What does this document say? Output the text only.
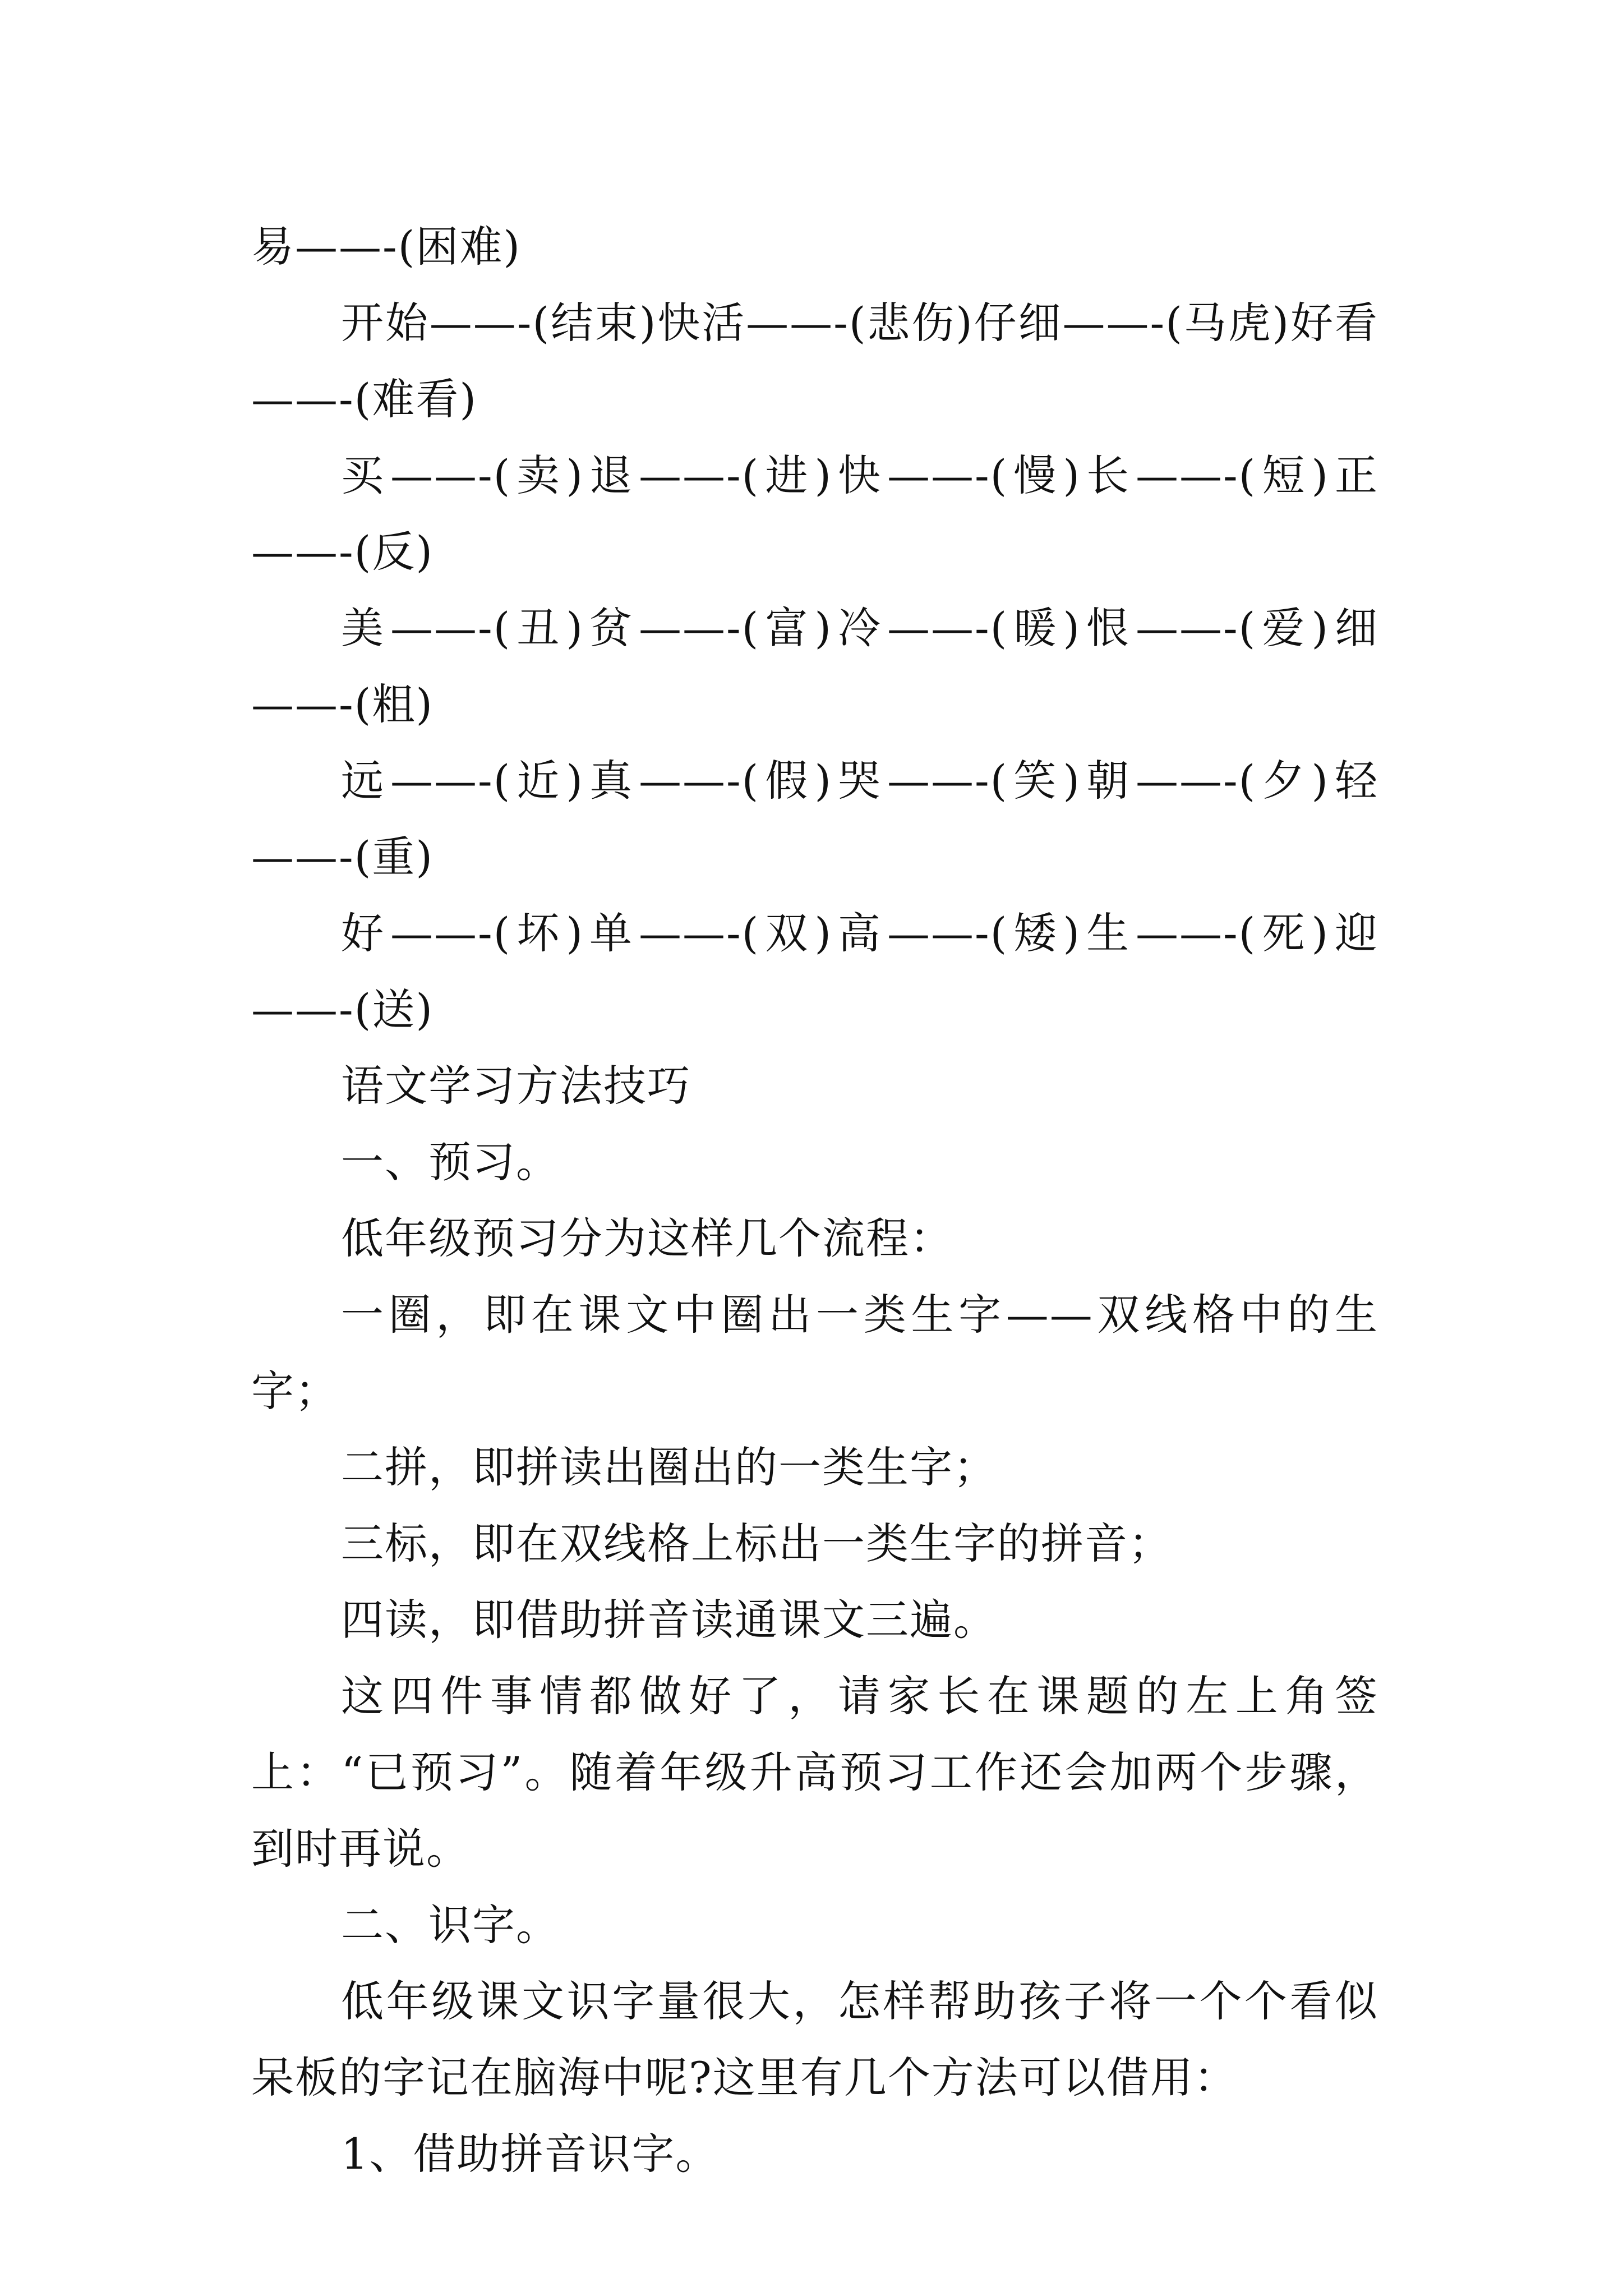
易——-(困难)

开始——-(结束)快活——-(悲伤)仔细——-(马虎)好看——-(难看)

买——-(卖)退——-(进)快——-(慢)长——-(短)正——-(反)

美——-(丑)贫——-(富)冷——-(暖)恨——-(爱)细——-(粗)

远——-(近)真——-(假)哭——-(笑)朝——-(夕)轻——-(重)

好——-(坏)单——-(双)高——-(矮)生——-(死)迎——-(送)

语文学习方法技巧

一、预习。

低年级预习分为这样几个流程：

一圈，即在课文中圈出一类生字——双线格中的生字；

二拼，即拼读出圈出的一类生字；

三标，即在双线格上标出一类生字的拼音；

四读，即借助拼音读通课文三遍。

这四件事情都做好了，请家长在课题的左上角签上：“已预习”。随着年级升高预习工作还会加两个步骤，到时再说。

二、识字。

低年级课文识字量很大，怎样帮助孩子将一个个看似呆板的字记在脑海中呢?这里有几个方法可以借用：

1、借助拼音识字。
